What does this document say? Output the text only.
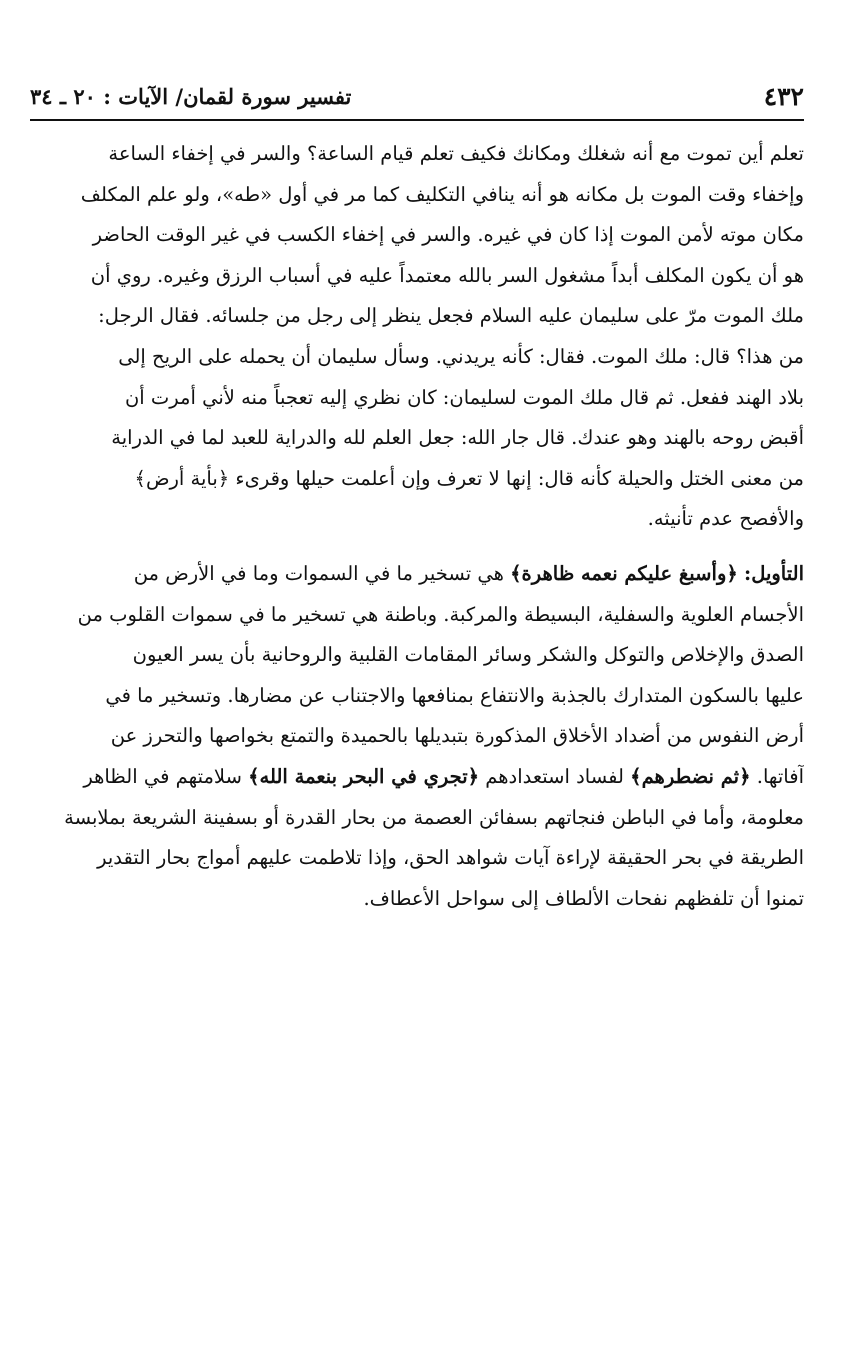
٤٣٢
تفسير سورة لقمان/ الآيات : ٢٠ ـ ٣٤
تعلم أين تموت مع أنه شغلك ومكانك فكيف تعلم قيام الساعة؟ والسر في إخفاء الساعة
وإخفاء وقت الموت بل مكانه هو أنه ينافي التكليف كما مر في أول «طه»، ولو علم المكلف
مكان موته لأمن الموت إذا كان في غيره. والسر في إخفاء الكسب في غير الوقت الحاضر
هو أن يكون المكلف أبداً مشغول السر بالله معتمداً عليه في أسباب الرزق وغيره. روي أن
ملك الموت مرّ على سليمان عليه السلام فجعل ينظر إلى رجل من جلسائه. فقال الرجل:
من هذا؟ قال: ملك الموت. فقال: كأنه يريدني. وسأل سليمان أن يحمله على الريح إلى
بلاد الهند ففعل. ثم قال ملك الموت لسليمان: كان نظري إليه تعجباً منه لأني أمرت أن
أقبض روحه بالهند وهو عندك. قال جار الله: جعل العلم لله والدراية للعبد لما في الدراية
من معنى الختل والحيلة كأنه قال: إنها لا تعرف وإن أعلمت حيلها وقرىء ﴿بأية أرض﴾
والأفصح عدم تأنيثه.
التأويل: ﴿وأسبغ عليكم نعمه ظاهرة﴾ هي تسخير ما في السموات وما في الأرض من
الأجسام العلوية والسفلية، البسيطة والمركبة. وباطنة هي تسخير ما في سموات القلوب من
الصدق والإخلاص والتوكل والشكر وسائر المقامات القلبية والروحانية بأن يسر العيون
عليها بالسكون المتدارك بالجذبة والانتفاع بمنافعها والاجتناب عن مضارها. وتسخير ما في
أرض النفوس من أضداد الأخلاق المذكورة بتبديلها بالحميدة والتمتع بخواصها والتحرز عن
آفاتها. ﴿ثم نضطرهم﴾ لفساد استعدادهم ﴿تجري في البحر بنعمة الله﴾ سلامتهم في الظاهر
معلومة، وأما في الباطن فنجاتهم بسفائن العصمة من بحار القدرة أو بسفينة الشريعة بملابسة
الطريقة في بحر الحقيقة لإراءة آيات شواهد الحق، وإذا تلاطمت عليهم أمواج بحار التقدير
تمنوا أن تلفظهم نفحات الألطاف إلى سواحل الأعطاف.
